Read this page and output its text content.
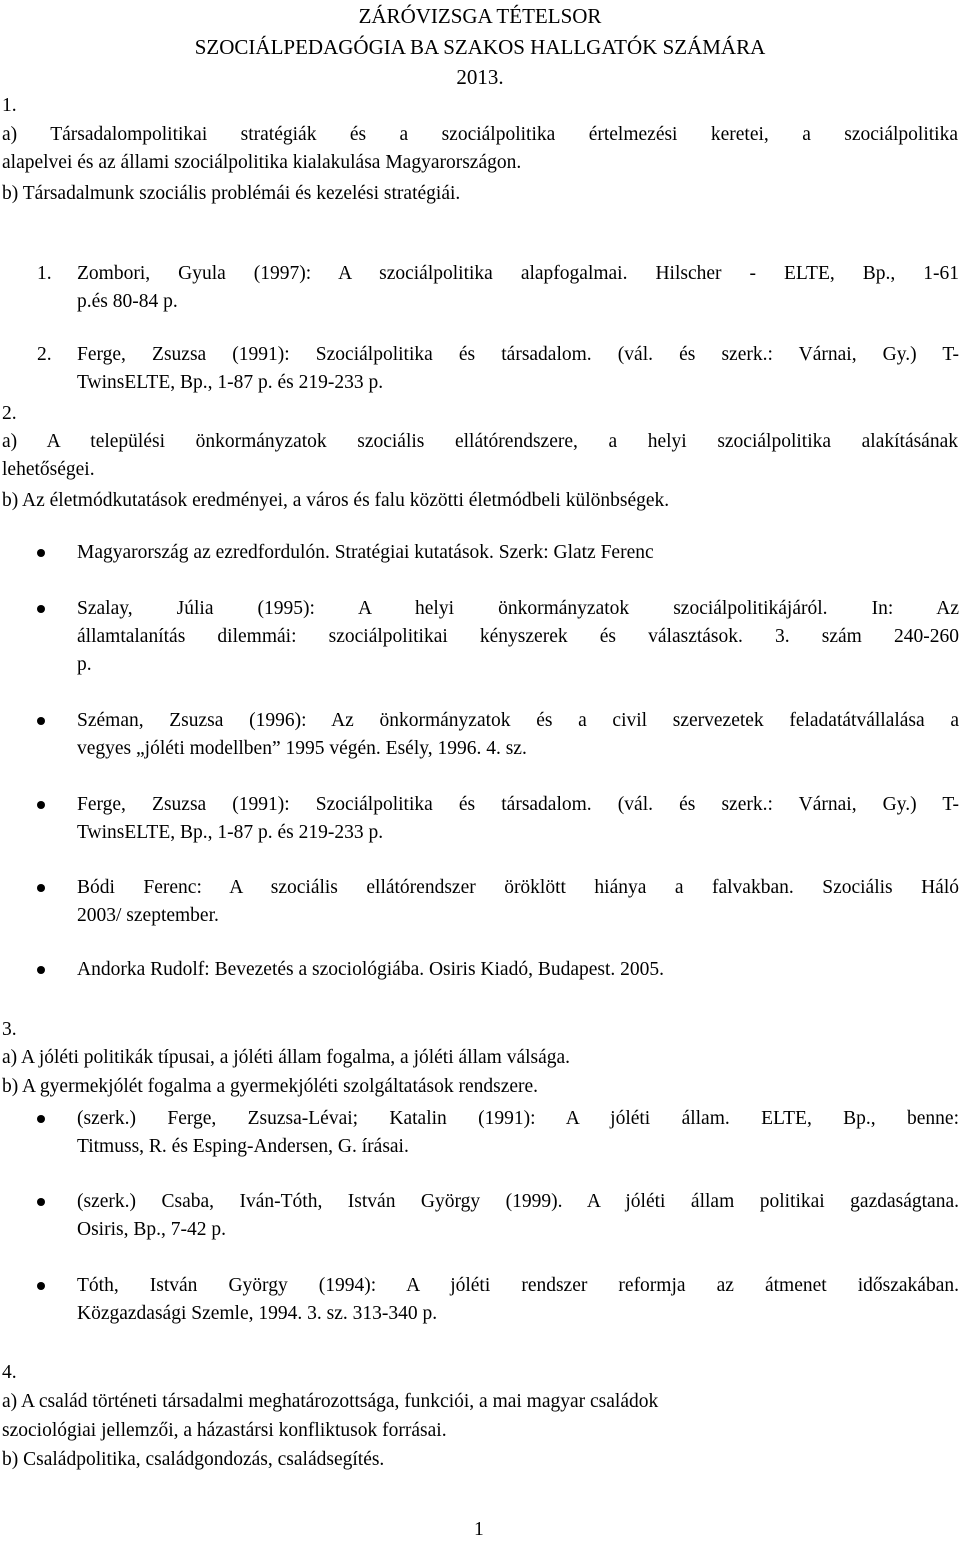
ZÁRÓVIZSGA TÉTELSOR
SZOCIÁLPEDAGÓGIA BA SZAKOS HALLGATÓK SZÁMÁRA
2013.
1.
a) Társadalompolitikai stratégiák és a szociálpolitika értelmezési keretei, a szociálpolitika
alapelvei és az állami szociálpolitika kialakulása Magyarországon.
b) Társadalmunk szociális problémái és kezelési stratégiái.
1. Zombori, Gyula (1997): A szociálpolitika alapfogalmai. Hilscher - ELTE, Bp., 1-61
p.és 80-84 p.
2. Ferge, Zsuzsa (1991): Szociálpolitika és társadalom. (vál. és szerk.: Várnai, Gy.) T-
TwinsELTE, Bp., 1-87 p. és 219-233 p.
2.
a) A települési önkormányzatok szociális ellátórendszere, a helyi szociálpolitika alakításának
lehetőségei.
b) Az életmódkutatások eredményei, a város és falu közötti életmódbeli különbségek.
Magyarország az ezredfordulón. Stratégiai kutatások. Szerk: Glatz Ferenc
Szalay, Júlia (1995): A helyi önkormányzatok szociálpolitikájáról. In: Az
államtalanítás dilemmái: szociálpolitikai kényszerek és választások. 3. szám 240-260
p.
Széman, Zsuzsa (1996): Az önkormányzatok és a civil szervezetek feladatátvállalása a
vegyes „jóléti modellben” 1995 végén. Esély, 1996. 4. sz.
Ferge, Zsuzsa (1991): Szociálpolitika és társadalom. (vál. és szerk.: Várnai, Gy.) T-
TwinsELTE, Bp., 1-87 p. és 219-233 p.
Bódi Ferenc: A szociális ellátórendszer öröklött hiánya a falvakban. Szociális Háló
2003/ szeptember.
Andorka Rudolf: Bevezetés a szociológiába. Osiris Kiadó, Budapest. 2005.
3.
a) A jóléti politikák típusai, a jóléti állam fogalma, a jóléti állam válsága.
b) A gyermekjólét fogalma a gyermekjóléti szolgáltatások rendszere.
(szerk.) Ferge, Zsuzsa-Lévai; Katalin (1991): A jóléti állam. ELTE, Bp., benne:
Titmuss, R. és Esping-Andersen, G. írásai.
(szerk.) Csaba, Iván-Tóth, István György (1999). A jóléti állam politikai gazdaságtana.
Osiris, Bp., 7-42 p.
Tóth, István György (1994): A jóléti rendszer reformja az átmenet időszakában.
Közgazdasági Szemle, 1994. 3. sz. 313-340 p.
4.
a) A család történeti társadalmi meghatározottsága, funkciói, a mai magyar családok
szociológiai jellemzői, a házastársi konfliktusok forrásai.
b) Családpolitika, családgondozás, családsegítés.
1
